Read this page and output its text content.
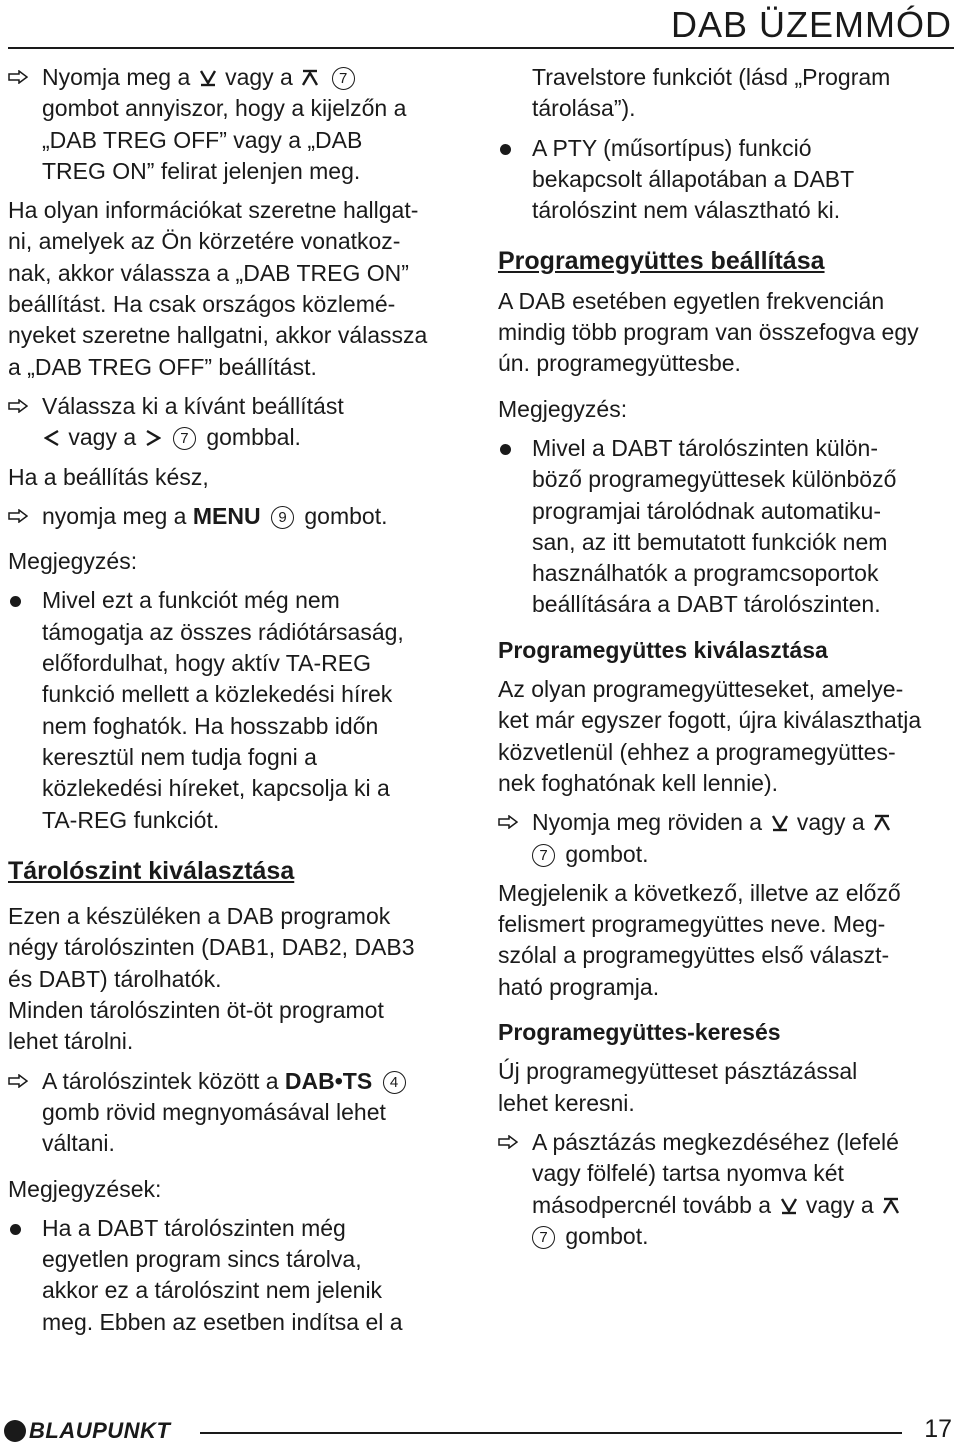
DAB ÜZEMMÓD
Nyomja meg a vagy a	7
gombot annyiszor, hogy a kijelzőn a
„DAB TREG OFF” vagy a „DAB
TREG ON” felirat jelenjen meg.
Ha olyan információkat szeretne hallgat-
ni, amelyek az Ön körzetére vonatkoz-
nak, akkor válassza a „DAB TREG ON”
beállítást. Ha csak országos közlemé-
nyeket szeretne hallgatni, akkor válassza
a „DAB TREG OFF” beállítást.
Válassza ki a kívánt beállítást
vagy a	7 gombbal.
Ha a beállítás kész,
nyomja meg a MENU 9 gombot.
Megjegyzés:
Mivel ezt a funkciót még nem
támogatja az összes rádiótársaság,
előfordulhat, hogy aktív TA-REG
funkció mellett a közlekedési hírek
nem foghatók. Ha hosszabb időn
keresztül nem tudja fogni a
közlekedési híreket, kapcsolja ki a
TA-REG funkciót.
Tárolószint kiválasztása
Ezen a készüléken a DAB programok
négy tárolószinten (DAB1, DAB2, DAB3
és DABT) tárolhatók.
Minden tárolószinten öt-öt programot
lehet tárolni.
A tárolószintek között a DAB•TS 4
gomb rövid megnyomásával lehet
váltani.
Megjegyzések:
Ha a DABT tárolószinten még
egyetlen program sincs tárolva,
akkor ez a tárolószint nem jelenik
meg. Ebben az esetben indítsa el a
Travelstore funkciót (lásd „Program
tárolása”).
A PTY (műsortípus) funkció
bekapcsolt állapotában a DABT
tárolószint nem választható ki.
Programegyüttes beállítása
A DAB esetében egyetlen frekvencián
mindig több program van összefogva egy
ún. programegyüttesbe.
Megjegyzés:
Mivel a DABT tárolószinten külön-
böző programegyüttesek különböző
programjai tárolódnak automatiku-
san, az itt bemutatott funkciók nem
használhatók a programcsoportok
beállítására a DABT tárolószinten.
Programegyüttes kiválasztása
Az olyan programegyütteseket, amelye-
ket már egyszer fogott, újra kiválaszthatja
közvetlenül (ehhez a programegyüttes-
nek foghatónak kell lennie).
Nyomja meg röviden a vagy a
7 gombot.
Megjelenik a következő, illetve az előző
felismert programegyüttes neve. Meg-
szólal a programegyüttes első választ-
ható programja.
Programegyüttes-keresés
Új programegyütteset pásztázással
lehet keresni.
A pásztázás megkezdéséhez (lefelé
vagy fölfelé) tartsa nyomva két
másodpercnél tovább a vagy a
7 gombot.
BLAUPUNKT	17
